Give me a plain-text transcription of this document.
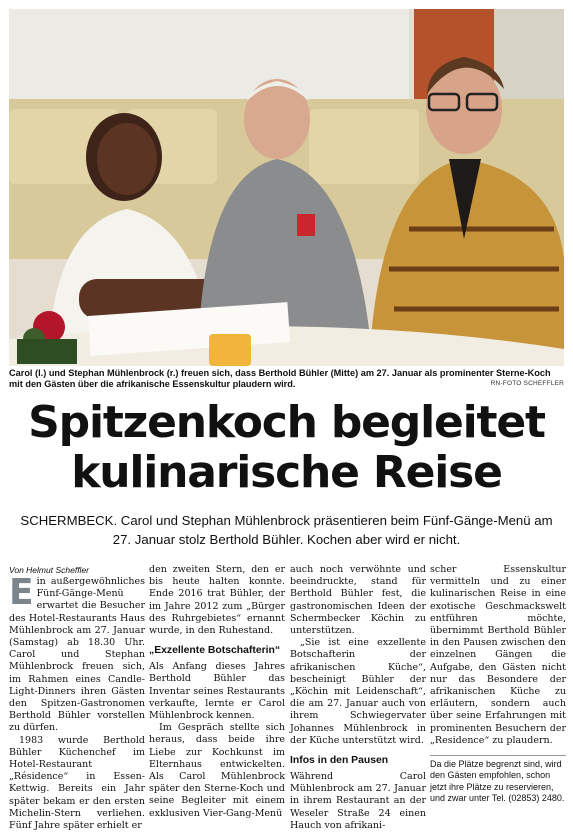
Carol (l.) und Stephan Mühlenbrock (r.) freuen sich, dass Berthold Bühler (Mitte) am 27. Januar als prominenter Sterne-Koch mit den Gästen über die afrikanische Essenskultur plaudern wird.	RN-FOTO SCHEFFLER
Spitzenkoch begleitet
kulinarische Reise
SCHERMBECK. Carol und Stephan Mühlenbrock präsentieren beim Fünf-Gänge-Menü am 27. Januar stolz Berthold Bühler. Kochen aber wird er nicht.
Von Helmut Scheffler

Ein außergewöhnliches Fünf-Gänge-Menü erwartet die Besucher des Hotel-Restaurants Haus Mühlenbrock am 27. Januar (Samstag) ab 18.30 Uhr. Carol und Stephan Mühlenbrock freuen sich, im Rahmen eines Candle-Light-Dinners ihren Gästen den Spitzen-Gastronomen Berthold Bühler vorstellen zu dürfen.

1983 wurde Berthold Bühler Küchenchef im Hotel-Restaurant „Résidence“ in Essen-Kettwig. Bereits ein Jahr später bekam er den ersten Michelin-Stern verliehen. Fünf Jahre später erhielt er

den zweiten Stern, den er bis heute halten konnte. Ende 2016 trat Bühler, der im Jahre 2012 zum „Bürger des Ruhrgebietes“ ernannt wurde, in den Ruhestand.

„Exzellente Botschafterin“

Als Anfang dieses Jahres Berthold Bühler das Inventar seines Restaurants verkaufte, lernte er Carol Mühlenbrock kennen.

Im Gespräch stellte sich heraus, dass beide ihre Liebe zur Kochkunst im Elternhaus entwickelten. Als Carol Mühlenbrock später den Sterne-Koch und seine Begleiter mit einem exklusiven Vier-Gang-Menü

auch noch verwöhnte und beeindruckte, stand für Berthold Bühler fest, die gastronomischen Ideen der Schermbecker Köchin zu unterstützen.

„Sie ist eine exzellente Botschafterin der afrikanischen Küche“, bescheinigt Bühler der „Köchin mit Leidenschaft“, die am 27. Januar auch von ihrem Schwiegervater Johannes Mühlenbrock in der Küche unterstützt wird.

Infos in den Pausen

Während Carol Mühlenbrock am 27. Januar in ihrem Restaurant an der Weseler Straße 24 einen Hauch von afrikani-

scher Essenskultur vermitteln und zu einer kulinarischen Reise in eine exotische Geschmackswelt entführen möchte, übernimmt Berthold Bühler in den Pausen zwischen den einzelnen Gängen die Aufgabe, den Gästen nicht nur das Besondere der afrikanischen Küche zu erläutern, sondern auch über seine Erfahrungen mit prominenten Besuchern der „Residence“ zu plaudern.

Da die Plätze begrenzt sind, wird den Gästen empfohlen, schon jetzt ihre Plätze zu reservieren, und zwar unter Tel. (02853) 2480.
